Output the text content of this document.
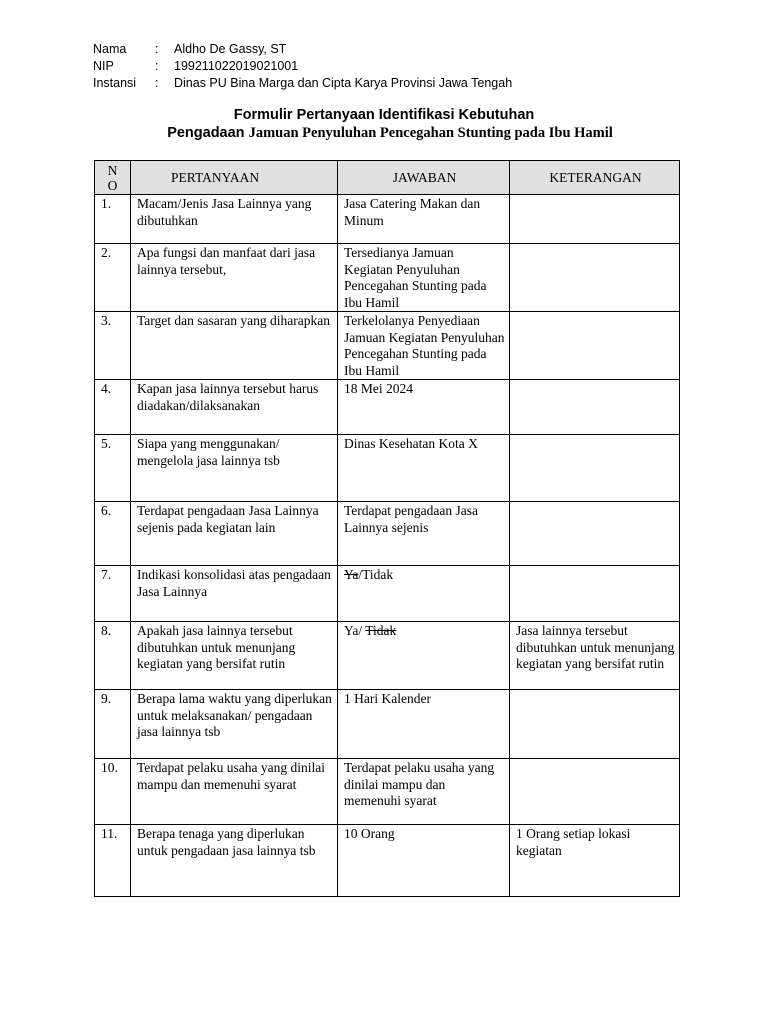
Nama : Aldho De Gassy, ST
NIP	: 199211022019021001
Instansi : Dinas PU Bina Marga dan Cipta Karya Provinsi Jawa Tengah
Formulir Pertanyaan Identifikasi Kebutuhan
Pengadaan Jamuan Penyuluhan Pencegahan Stunting pada Ibu Hamil
NO	PERTANYAAN	JAWABAN	KETERANGAN
1.	Macam/Jenis Jasa Lainnya yang dibutuhkan	Jasa Catering Makan dan Minum	
2.	Apa fungsi dan manfaat dari jasa lainnya tersebut,	Tersedianya Jamuan Kegiatan Penyuluhan Pencegahan Stunting pada Ibu Hamil	
3.	Target dan sasaran yang diharapkan	Terkelolanya Penyediaan Jamuan Kegiatan Penyuluhan Pencegahan Stunting pada Ibu Hamil	
4.	Kapan jasa lainnya tersebut harus diadakan/dilaksanakan	18 Mei 2024	
5.	Siapa yang menggunakan/ mengelola jasa lainnya tsb	Dinas Kesehatan Kota X	
6.	Terdapat pengadaan Jasa Lainnya sejenis pada kegiatan lain	Terdapat pengadaan Jasa Lainnya sejenis	
7.	Indikasi konsolidasi atas pengadaan Jasa Lainnya	Ya/Tidak	
8.	Apakah jasa lainnya tersebut dibutuhkan untuk menunjang kegiatan yang bersifat rutin	Ya/ Tidak	Jasa lainnya tersebut dibutuhkan untuk menunjang kegiatan yang bersifat rutin
9.	Berapa lama waktu yang diperlukan untuk melaksanakan/ pengadaan jasa lainnya tsb	1 Hari Kalender	
10.	Terdapat pelaku usaha yang dinilai mampu dan memenuhi syarat	Terdapat pelaku usaha yang dinilai mampu dan memenuhi syarat	
11.	Berapa tenaga yang diperlukan untuk pengadaan jasa lainnya tsb	10 Orang	1 Orang setiap lokasi kegiatan
